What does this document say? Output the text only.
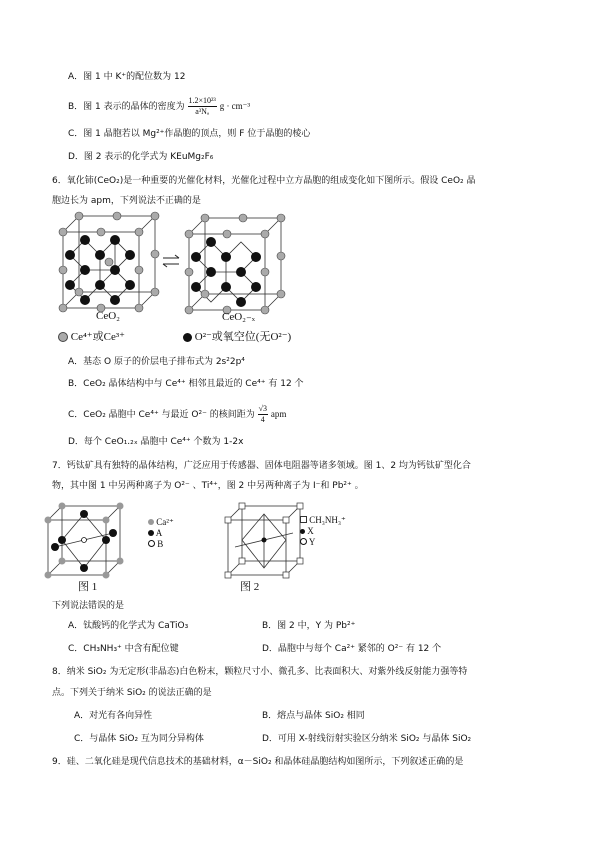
A．图 1 中 K⁺的配位数为 12
B．图 1 表示的晶体的密度为 $\frac{\text{1.2×10²³}}{\text{a³Nₐ}}$ g · cm⁻³
C．图 1 晶胞若以 Mg²⁺作晶胞的顶点，则 F 位于晶胞的棱心
D．图 2 表示的化学式为 KEuMg₂F₆
6．氧化铈(CeO₂)是一种重要的光催化材料，光催化过程中立方晶胞的组成变化如下图所示。假设 CeO₂ 晶
胞边长为 apm，下列说法不正确的是
CeO₂	CeO₂₋ₓ
Ce⁴⁺或Ce³⁺	O²⁻或氧空位(无O²⁻)
A．基态 O 原子的价层电子排布式为 2s²2p⁴
B．CeO₂ 晶体结构中与 Ce⁴⁺ 相邻且最近的 Ce⁴⁺ 有 12 个
C．CeO₂ 晶胞中 Ce⁴⁺ 与最近 O²⁻ 的核间距为 $\frac{√3}{4}$ apm
D．每个 CeO₁.₂ₓ 晶胞中 Ce⁴⁺ 个数为 1-2x
7．钙钛矿具有独特的晶体结构，广泛应用于传感器、固体电阻器等诸多领域。图 1、2 均为钙钛矿型化合
物，其中图 1 中另两种离子为 O²⁻ 、Ti⁴⁺，图 2 中另两种离子为 I⁻和 Pb²⁺ 。
Ca²⁺
A
B
CH₃NH₃⁺
X
Y
图 1	图 2
下列说法错误的是
A．钛酸钙的化学式为 CaTiO₃	B．图 2 中，Y 为 Pb²⁺
C．CH₃NH₃⁺ 中含有配位键	D．晶胞中与每个 Ca²⁺ 紧邻的 O²⁻ 有 12 个
8．纳米 SiO₂ 为无定形(非晶态)白色粉末，颗粒尺寸小、微孔多、比表面积大、对紫外线反射能力强等特
点。下列关于纳米 SiO₂ 的说法正确的是
A．对光有各向异性	B．熔点与晶体 SiO₂ 相同
C．与晶体 SiO₂ 互为同分异构体	D．可用 X-射线衍射实验区分纳米 SiO₂ 与晶体 SiO₂
9．硅、二氧化硅是现代信息技术的基础材料，α－SiO₂ 和晶体硅晶胞结构如图所示，下列叙述正确的是
